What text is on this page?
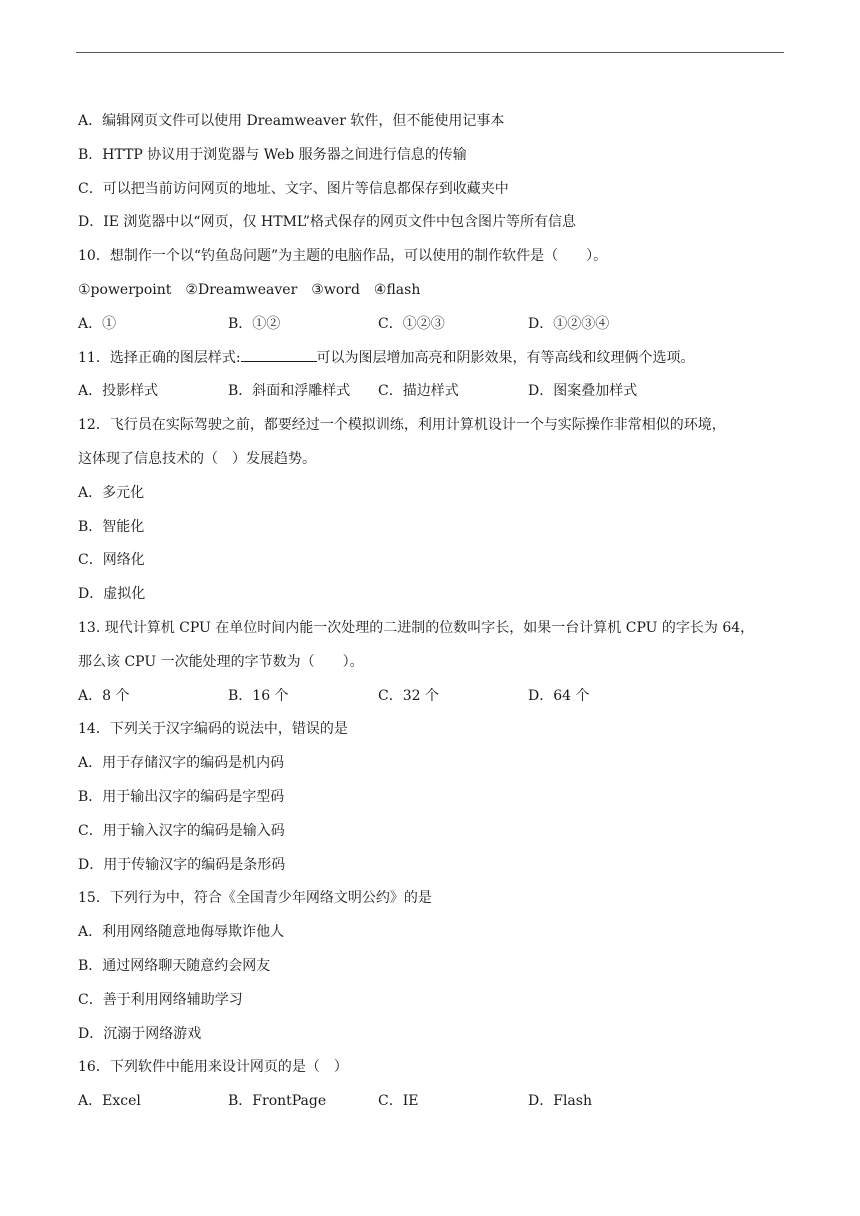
A．编辑网页文件可以使用 Dreamweaver 软件，但不能使用记事本
B．HTTP 协议用于浏览器与 Web 服务器之间进行信息的传输
C．可以把当前访问网页的地址、文字、图片等信息都保存到收藏夹中
D．IE 浏览器中以“网页，仅 HTML”格式保存的网页文件中包含图片等所有信息
10．想制作一个以“钓鱼岛问题”为主题的电脑作品，可以使用的制作软件是（　　）。
①powerpoint　②Dreamweaver　③word　④flash
A．①	B．①②	C．①②③	D．①②③④
11．选择正确的图层样式:	可以为图层增加高亮和阴影效果，有等高线和纹理俩个选项。
A．投影样式	B．斜面和浮雕样式	C．描边样式	D．图案叠加样式
12．飞行员在实际驾驶之前，都要经过一个模拟训练，利用计算机设计一个与实际操作非常相似的环境，
这体现了信息技术的（　）发展趋势。
A．多元化
B．智能化
C．网络化
D．虚拟化
13. 现代计算机 CPU 在单位时间内能一次处理的二进制的位数叫字长，如果一台计算机 CPU 的字长为 64，
那么该 CPU 一次能处理的字节数为（　　）。
A．8 个	B．16 个	C．32 个	D．64 个
14．下列关于汉字编码的说法中，错误的是
A．用于存储汉字的编码是机内码
B．用于输出汉字的编码是字型码
C．用于输入汉字的编码是输入码
D．用于传输汉字的编码是条形码
15．下列行为中，符合《全国青少年网络文明公约》的是
A．利用网络随意地侮辱欺诈他人
B．通过网络聊天随意约会网友
C．善于利用网络辅助学习
D．沉溺于网络游戏
16．下列软件中能用来设计网页的是（　）
A．Excel	B．FrontPage	C．IE	D．Flash
